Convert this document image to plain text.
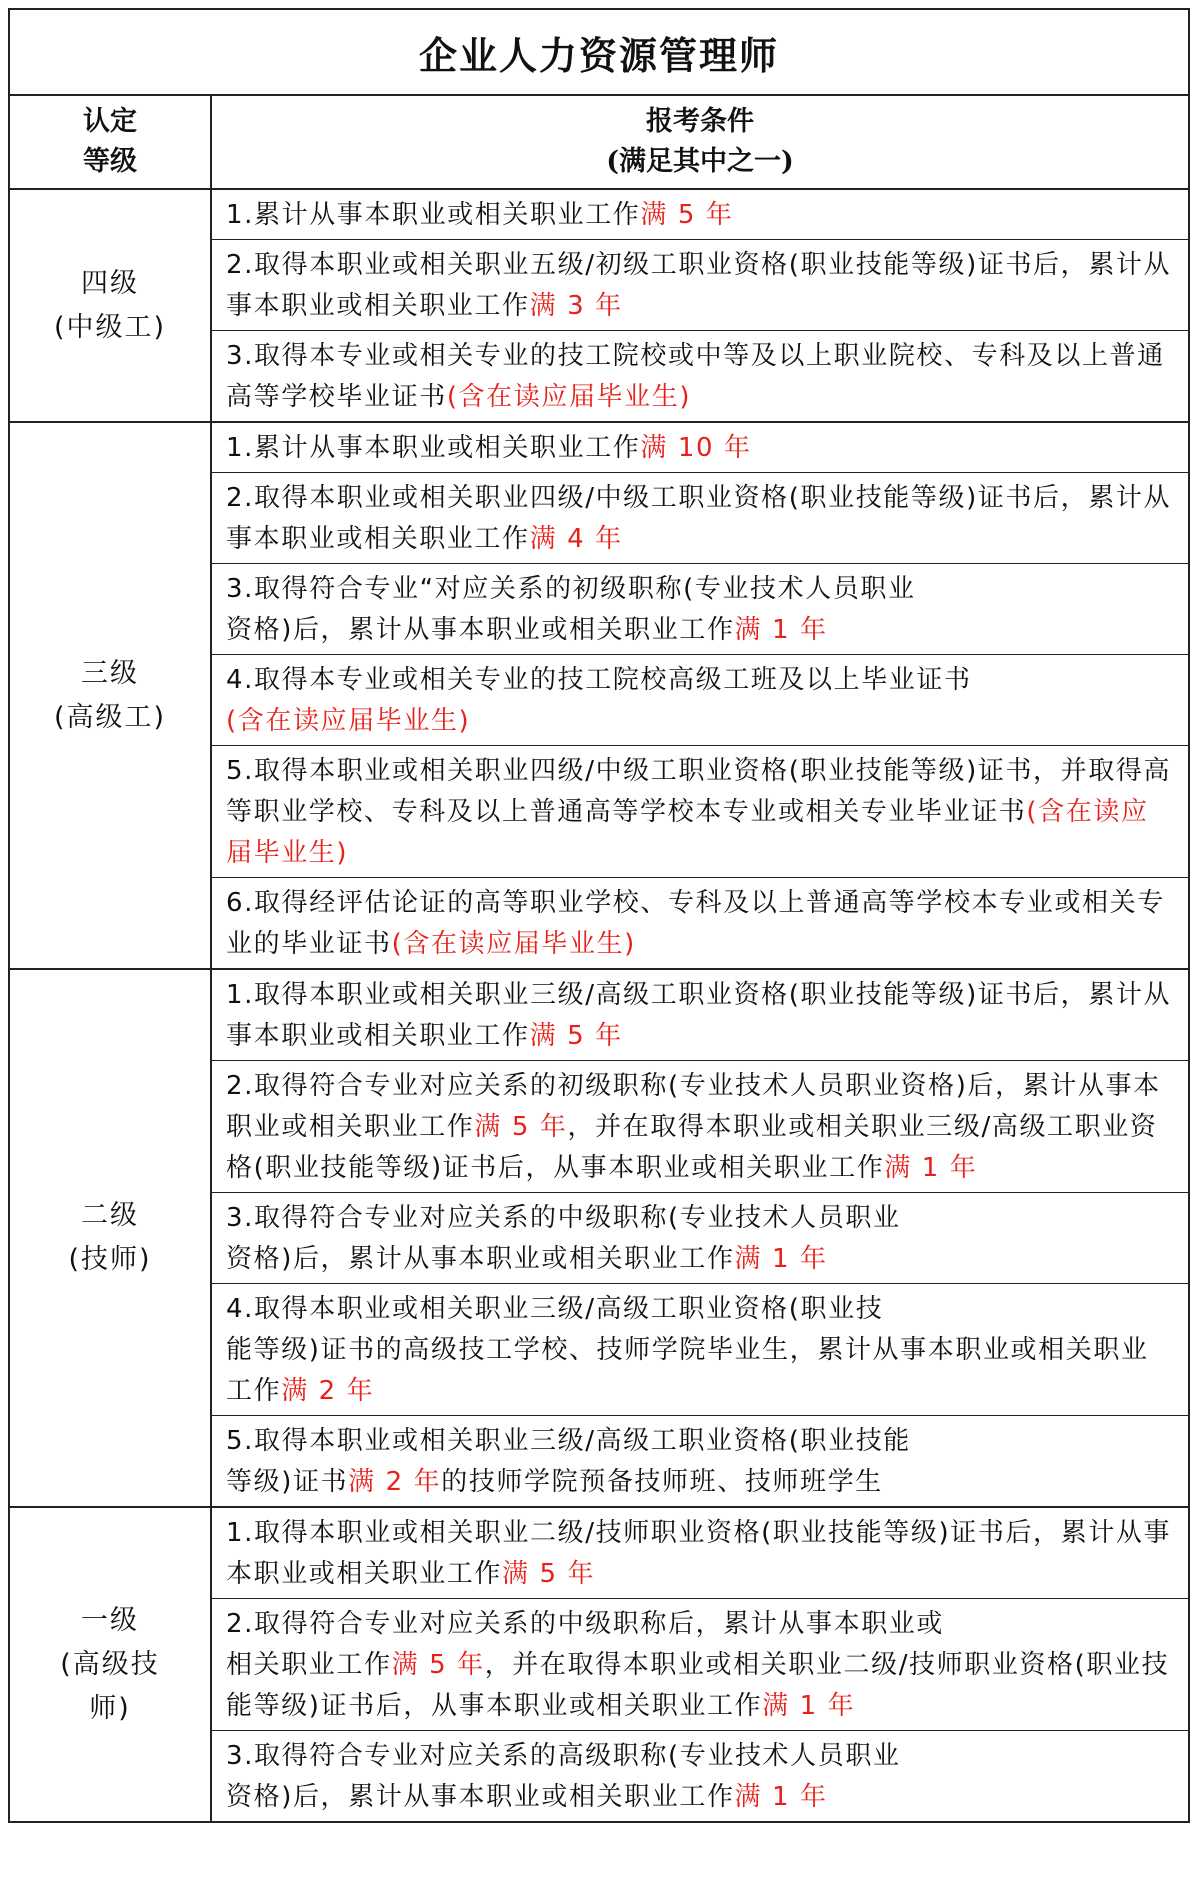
企业人力资源管理师
认定
等级
报考条件
(满足其中之一)
四级
(中级工)
1.累计从事本职业或相关职业工作满 5 年
2.取得本职业或相关职业五级/初级工职业资格(职业技能等级)证书后，累计从事本职业或相关职业工作满 3 年
3.取得本专业或相关专业的技工院校或中等及以上职业院校、专科及以上普通高等学校毕业证书(含在读应届毕业生)
三级
(高级工)
1.累计从事本职业或相关职业工作满 10 年
2.取得本职业或相关职业四级/中级工职业资格(职业技能等级)证书后，累计从事本职业或相关职业工作满 4 年
3.取得符合专业“对应关系的初级职称(专业技术人员职业
资格)后，累计从事本职业或相关职业工作满 1 年
4.取得本专业或相关专业的技工院校高级工班及以上毕业证书
(含在读应届毕业生)
5.取得本职业或相关职业四级/中级工职业资格(职业技能等级)证书，并取得高等职业学校、专科及以上普通高等学校本专业或相关专业毕业证书(含在读应届毕业生)
6.取得经评估论证的高等职业学校、专科及以上普通高等学校本专业或相关专业的毕业证书(含在读应届毕业生)
二级
(技师)
1.取得本职业或相关职业三级/高级工职业资格(职业技能等级)证书后，累计从事本职业或相关职业工作满 5 年
2.取得符合专业对应关系的初级职称(专业技术人员职业资格)后，累计从事本职业或相关职业工作满 5 年，并在取得本职业或相关职业三级/高级工职业资格(职业技能等级)证书后，从事本职业或相关职业工作满 1 年
3.取得符合专业对应关系的中级职称(专业技术人员职业
资格)后，累计从事本职业或相关职业工作满 1 年
4.取得本职业或相关职业三级/高级工职业资格(职业技
能等级)证书的高级技工学校、技师学院毕业生，累计从事本职业或相关职业工作满 2 年
5.取得本职业或相关职业三级/高级工职业资格(职业技能
等级)证书满 2 年的技师学院预备技师班、技师班学生
一级
(高级技
师)
1.取得本职业或相关职业二级/技师职业资格(职业技能等级)证书后，累计从事本职业或相关职业工作满 5 年
2.取得符合专业对应关系的中级职称后，累计从事本职业或
相关职业工作满 5 年，并在取得本职业或相关职业二级/技师职业资格(职业技能等级)证书后，从事本职业或相关职业工作满 1 年
3.取得符合专业对应关系的高级职称(专业技术人员职业
资格)后，累计从事本职业或相关职业工作满 1 年
